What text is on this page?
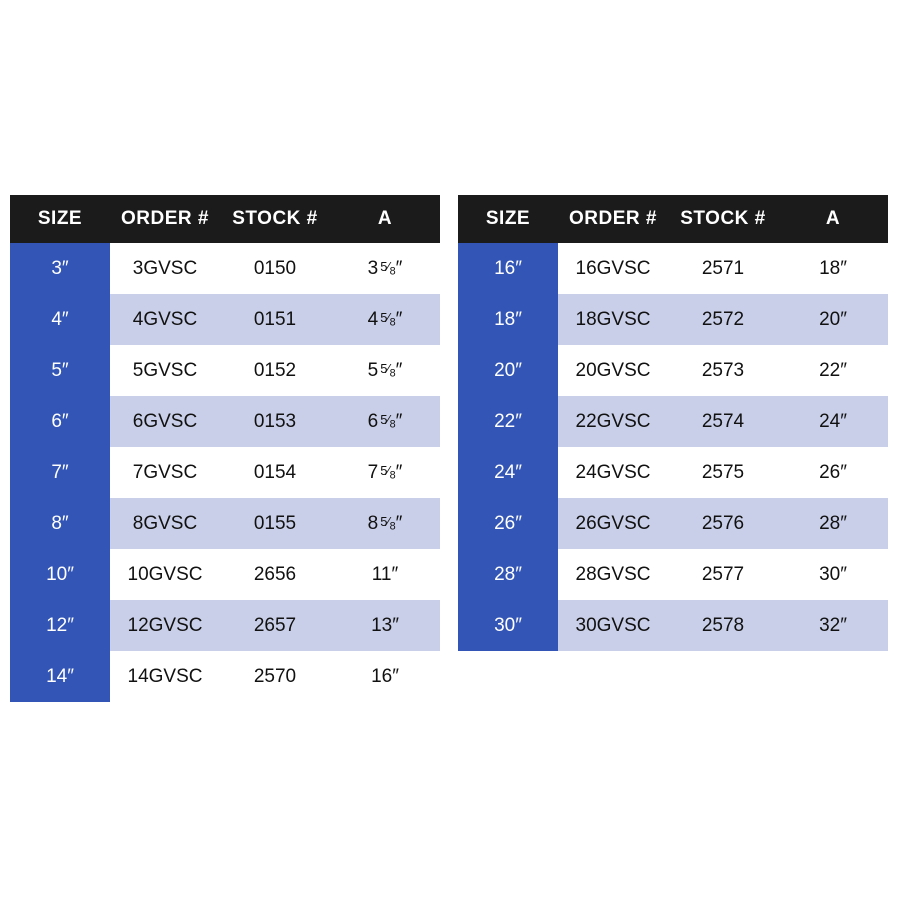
SIZE	ORDER #	STOCK #	A
3″	3GVSC	0150	3 $5⁄_8''$
4″	4GVSC	0151	4 $5⁄_8''$
5″	5GVSC	0152	5 $5⁄_8''$
6″	6GVSC	0153	6 $5⁄_8''$
7″	7GVSC	0154	7 $5⁄_8''$
8″	8GVSC	0155	8 $5⁄_8''$
10″	10GVSC	2656	11″
12″	12GVSC	2657	13″
14″	14GVSC	2570	16″
SIZE	ORDER #	STOCK #	A
16″	16GVSC	2571	18″
18″	18GVSC	2572	20″
20″	20GVSC	2573	22″
22″	22GVSC	2574	24″
24″	24GVSC	2575	26″
26″	26GVSC	2576	28″
28″	28GVSC	2577	30″
30″	30GVSC	2578	32″
